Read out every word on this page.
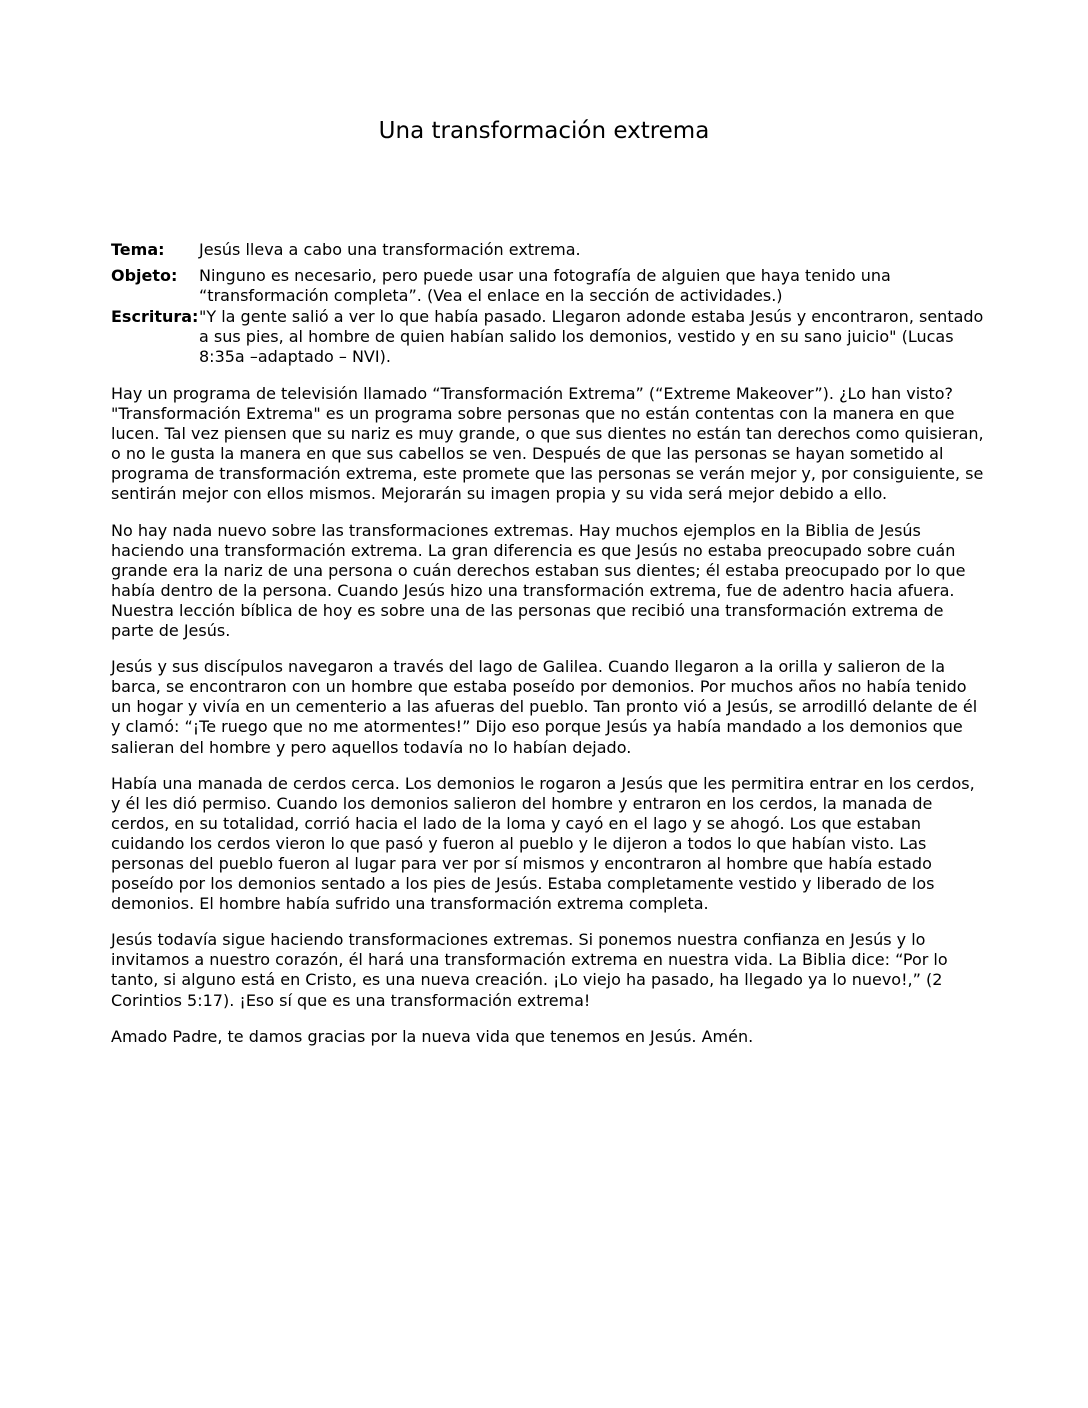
Una transformación extrema
Tema:	Jesús lleva a cabo una transformación extrema.
Objeto:	Ninguno es necesario, pero puede usar una fotografía de alguien que haya tenido una “transformación completa”. (Vea el enlace en la sección de actividades.)
Escritura: "Y la gente salió a ver lo que había pasado. Llegaron adonde estaba Jesús y encontraron, sentado a sus pies, al hombre de quien habían salido los demonios, vestido y en su sano juicio" (Lucas 8:35a –adaptado – NVI).

Hay un programa de televisión llamado “Transformación Extrema” (“Extreme Makeover”). ¿Lo han visto? "Transformación Extrema" es un programa sobre personas que no están contentas con la manera en que lucen. Tal vez piensen que su nariz es muy grande, o que sus dientes no están tan derechos como quisieran, o no le gusta la manera en que sus cabellos se ven. Después de que las personas se hayan sometido al programa de transformación extrema, este promete que las personas se verán mejor y, por consiguiente, se sentirán mejor con ellos mismos. Mejorarán su imagen propia y su vida será mejor debido a ello.

No hay nada nuevo sobre las transformaciones extremas. Hay muchos ejemplos en la Biblia de Jesús haciendo una transformación extrema. La gran diferencia es que Jesús no estaba preocupado sobre cuán grande era la nariz de una persona o cuán derechos estaban sus dientes; él estaba preocupado por lo que había dentro de la persona. Cuando Jesús hizo una transformación extrema, fue de adentro hacia afuera. Nuestra lección bíblica de hoy es sobre una de las personas que recibió una transformación extrema de parte de Jesús.

Jesús y sus discípulos navegaron a través del lago de Galilea. Cuando llegaron a la orilla y salieron de la barca, se encontraron con un hombre que estaba poseído por demonios. Por muchos años no había tenido un hogar y vivía en un cementerio a las afueras del pueblo. Tan pronto vió a Jesús, se arrodilló delante de él y clamó: “¡Te ruego que no me atormentes!” Dijo eso porque Jesús ya había mandado a los demonios que salieran del hombre y pero aquellos todavía no lo habían dejado.

Había una manada de cerdos cerca. Los demonios le rogaron a Jesús que les permitira entrar en los cerdos, y él les dió permiso. Cuando los demonios salieron del hombre y entraron en los cerdos, la manada de cerdos, en su totalidad, corrió hacia el lado de la loma y cayó en el lago y se ahogó. Los que estaban cuidando los cerdos vieron lo que pasó y fueron al pueblo y le dijeron a todos lo que habían visto. Las personas del pueblo fueron al lugar para ver por sí mismos y encontraron al hombre que había estado poseído por los demonios sentado a los pies de Jesús. Estaba completamente vestido y liberado de los demonios. El hombre había sufrido una transformación extrema completa.

Jesús todavía sigue haciendo transformaciones extremas. Si ponemos nuestra confianza en Jesús y lo invitamos a nuestro corazón, él hará una transformación extrema en nuestra vida. La Biblia dice: “Por lo tanto, si alguno está en Cristo, es una nueva creación. ¡Lo viejo ha pasado, ha llegado ya lo nuevo!,” (2 Corintios 5:17). ¡Eso sí que es una transformación extrema!

Amado Padre, te damos gracias por la nueva vida que tenemos en Jesús. Amén.
